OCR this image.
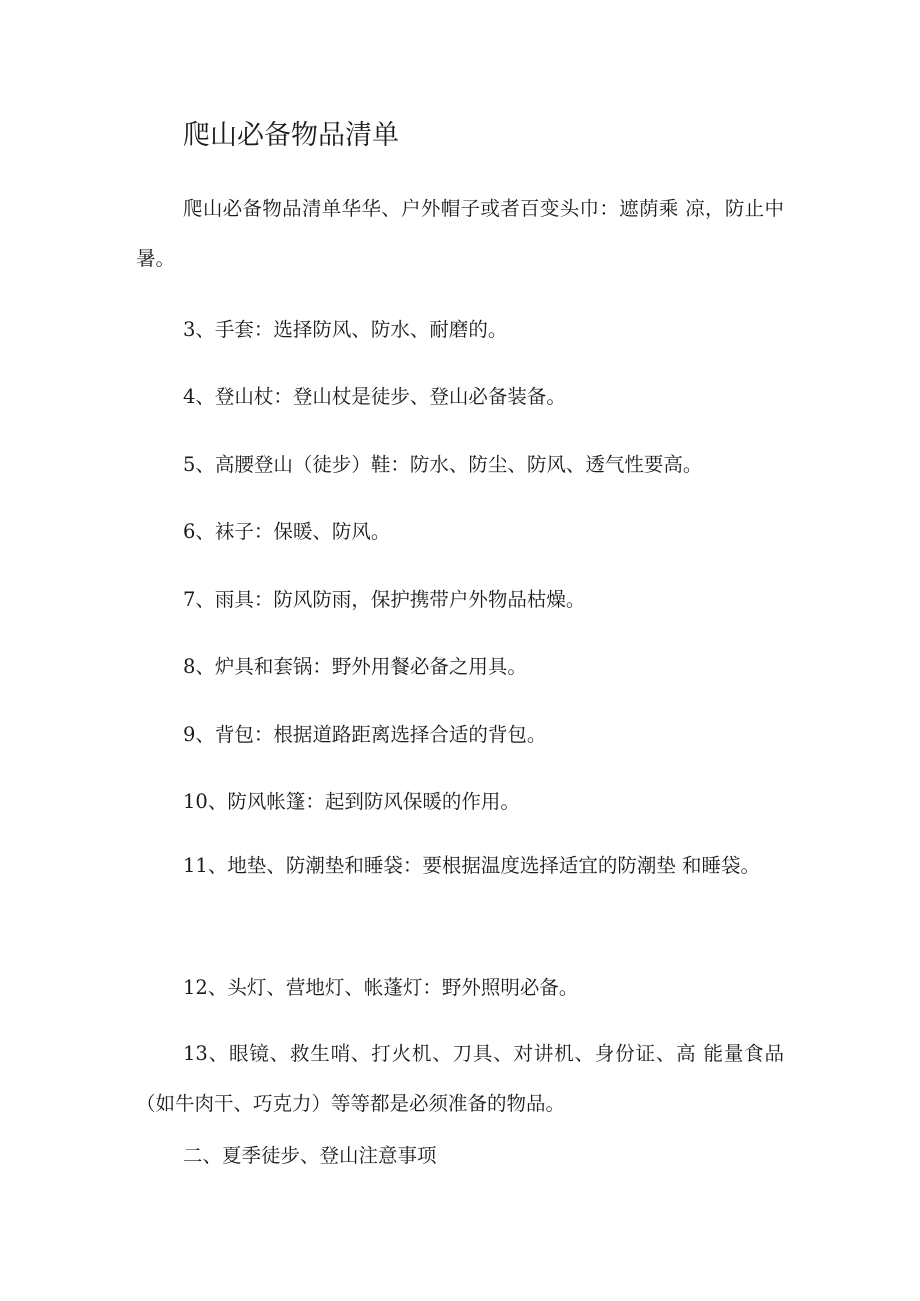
爬山必备物品清单

爬山必备物品清单华华、户外帽子或者百变头巾：遮荫乘 凉，防止中暑。

3、手套：选择防风、防水、耐磨的。

4、登山杖：登山杖是徒步、登山必备装备。

5、高腰登山（徒步）鞋：防水、防尘、防风、透气性要高。

6、袜子：保暖、防风。

7、雨具：防风防雨，保护携带户外物品枯燥。

8、炉具和套锅：野外用餐必备之用具。

9、背包：根据道路距离选择合适的背包。

10、防风帐篷：起到防风保暖的作用。

11、地垫、防潮垫和睡袋：要根据温度选择适宜的防潮垫 和睡袋。

12、头灯、营地灯、帐蓬灯：野外照明必备。

13、眼镜、救生哨、打火机、刀具、对讲机、身份证、高 能量食品（如牛肉干、巧克力）等等都是必须准备的物品。

二、夏季徒步、登山注意事项
